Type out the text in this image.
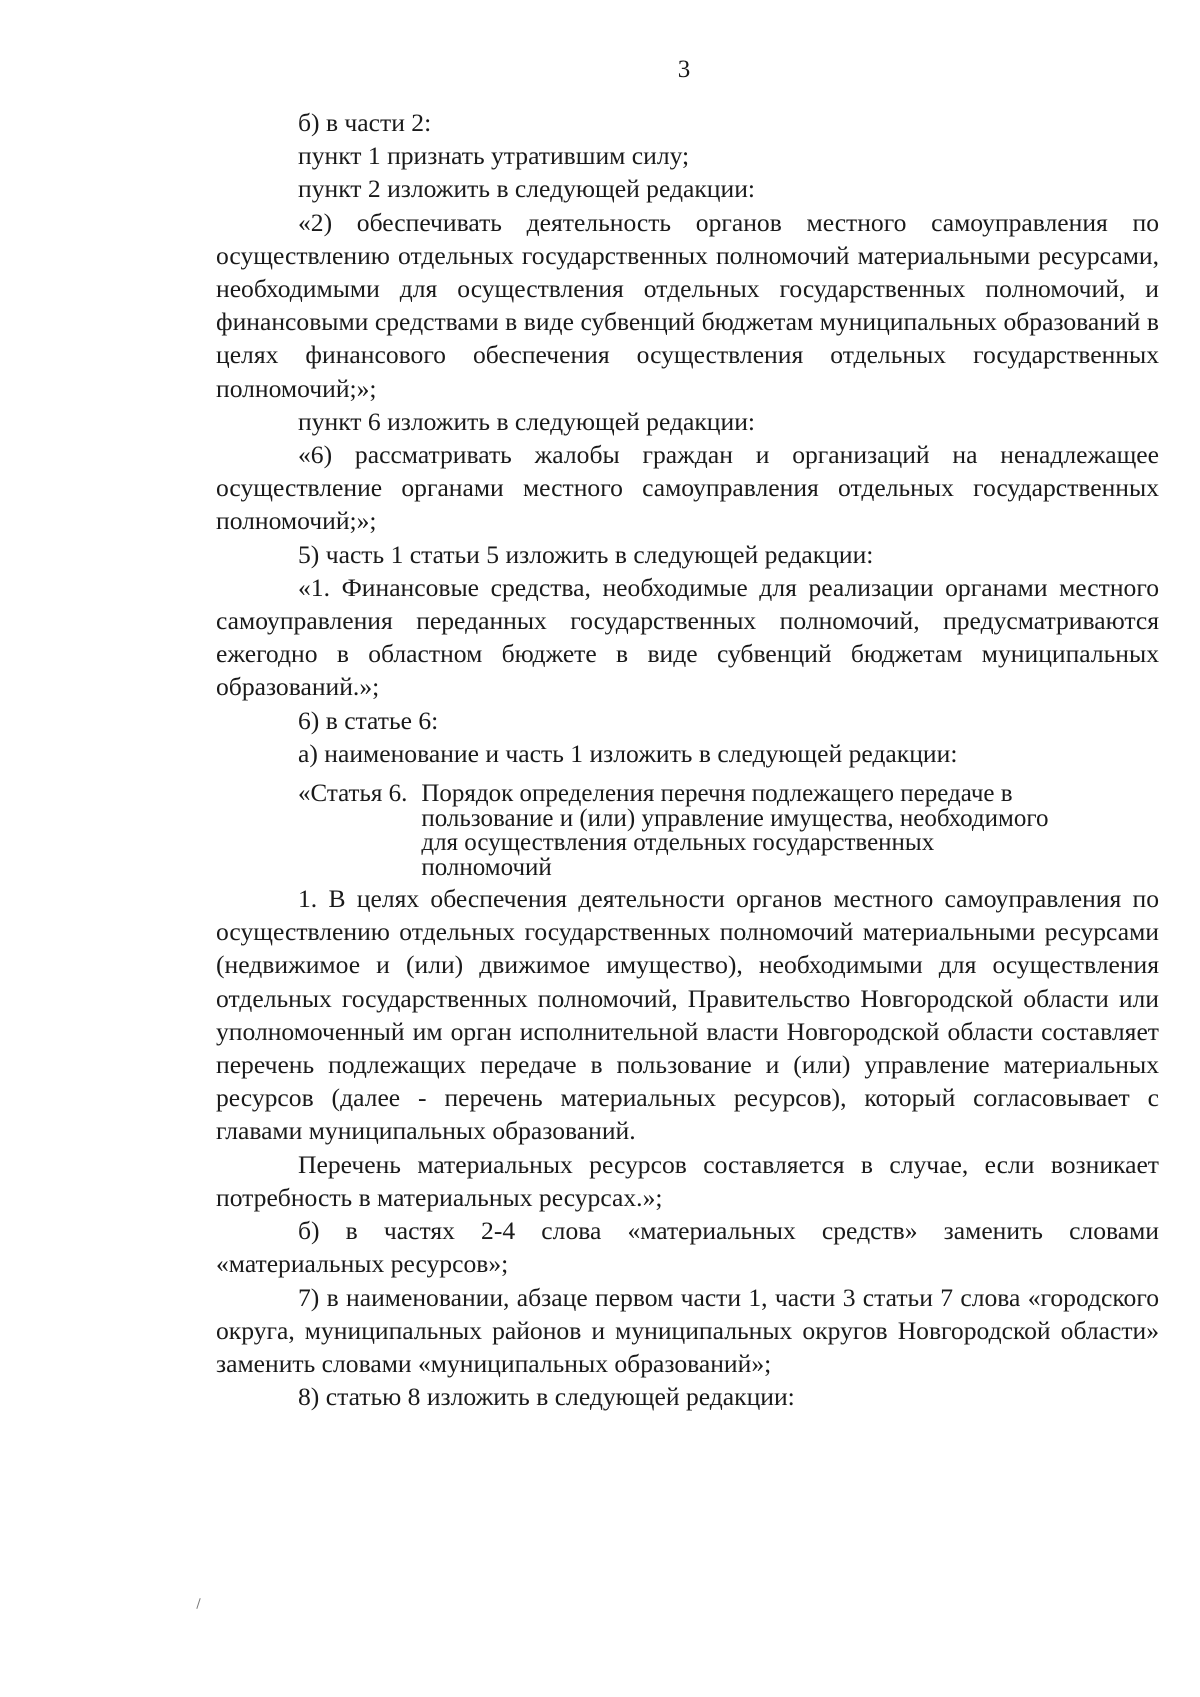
3

б) в части 2:

пункт 1 признать утратившим силу;

пункт 2 изложить в следующей редакции:

«2) обеспечивать деятельность органов местного самоуправления по осуществлению отдельных государственных полномочий материальными ресурсами, необходимыми для осуществления отдельных государственных полномочий, и финансовыми средствами в виде субвенций бюджетам муниципальных образований в целях финансового обеспечения осуществления отдельных государственных полномочий;»;

пункт 6 изложить в следующей редакции:

«6) рассматривать жалобы граждан и организаций на ненадлежащее осуществление органами местного самоуправления отдельных государственных полномочий;»;

5) часть 1 статьи 5 изложить в следующей редакции:

«1. Финансовые средства, необходимые для реализации органами местного самоуправления переданных государственных полномочий, предусматриваются ежегодно в областном бюджете в виде субвенций бюджетам муниципальных образований.»;

6) в статье 6:

а) наименование и часть 1 изложить в следующей редакции:

«Статья 6. Порядок определения перечня подлежащего передаче в пользование и (или) управление имущества, необходимого для осуществления отдельных государственных полномочий

1. В целях обеспечения деятельности органов местного самоуправления по осуществлению отдельных государственных полномочий материальными ресурсами (недвижимое и (или) движимое имущество), необходимыми для осуществления отдельных государственных полномочий, Правительство Новгородской области или уполномоченный им орган исполнительной власти Новгородской области составляет перечень подлежащих передаче в пользование и (или) управление материальных ресурсов (далее - перечень материальных ресурсов), который согласовывает с главами муниципальных образований.

Перечень материальных ресурсов составляется в случае, если возникает потребность в материальных ресурсах.»;

б) в частях 2-4 слова «материальных средств» заменить словами «материальных ресурсов»;

7) в наименовании, абзаце первом части 1, части 3 статьи 7 слова «городского округа, муниципальных районов и муниципальных округов Новгородской области» заменить словами «муниципальных образований»;

8) статью 8 изложить в следующей редакции:
